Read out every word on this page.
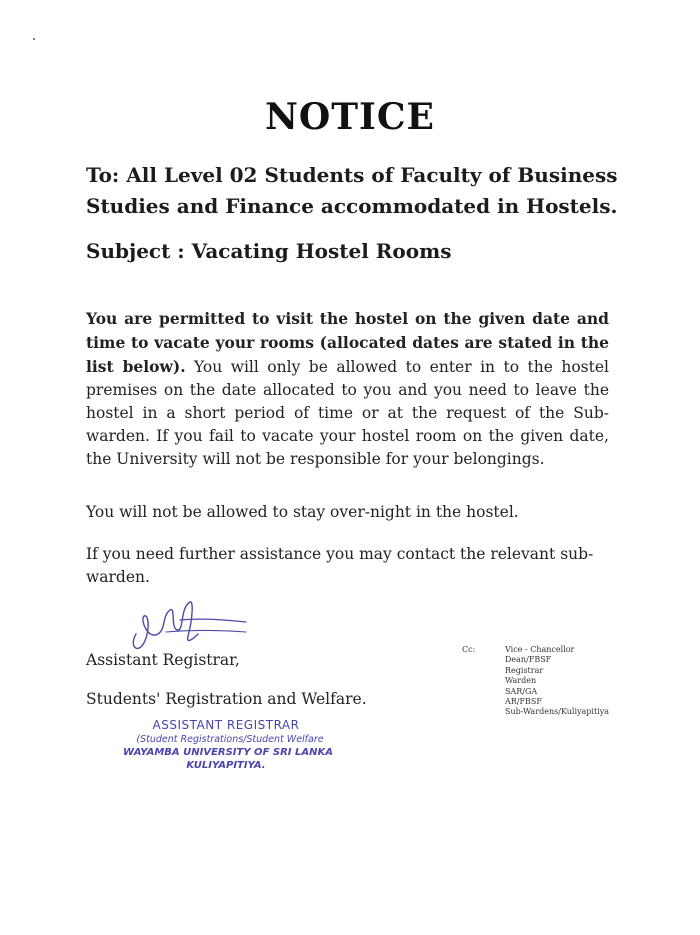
NOTICE
To: All Level 02 Students of Faculty of Business Studies and Finance accommodated in Hostels.
Subject : Vacating Hostel Rooms
You are permitted to visit the hostel on the given date and time to vacate your rooms (allocated dates are stated in the list below). You will only be allowed to enter in to the hostel premises on the date allocated to you and you need to leave the hostel in a short period of time or at the request of the Sub-warden. If you fail to vacate your hostel room on the given date, the University will not be responsible for your belongings.
You will not be allowed to stay over-night in the hostel.
If you need further assistance you may contact the relevant sub-warden.
Assistant Registrar,
Students' Registration and Welfare.
Cc:	Vice - Chancellor
Dean/FBSF
Registrar
Warden
SAR/GA
AR/FBSF
Sub-Wardens/Kuliyapitiya
ASSISTANT REGISTRAR
(Student Registrations/Student Welfare
WAYAMBA UNIVERSITY OF SRI LANKA
KULIYAPITIYA.
